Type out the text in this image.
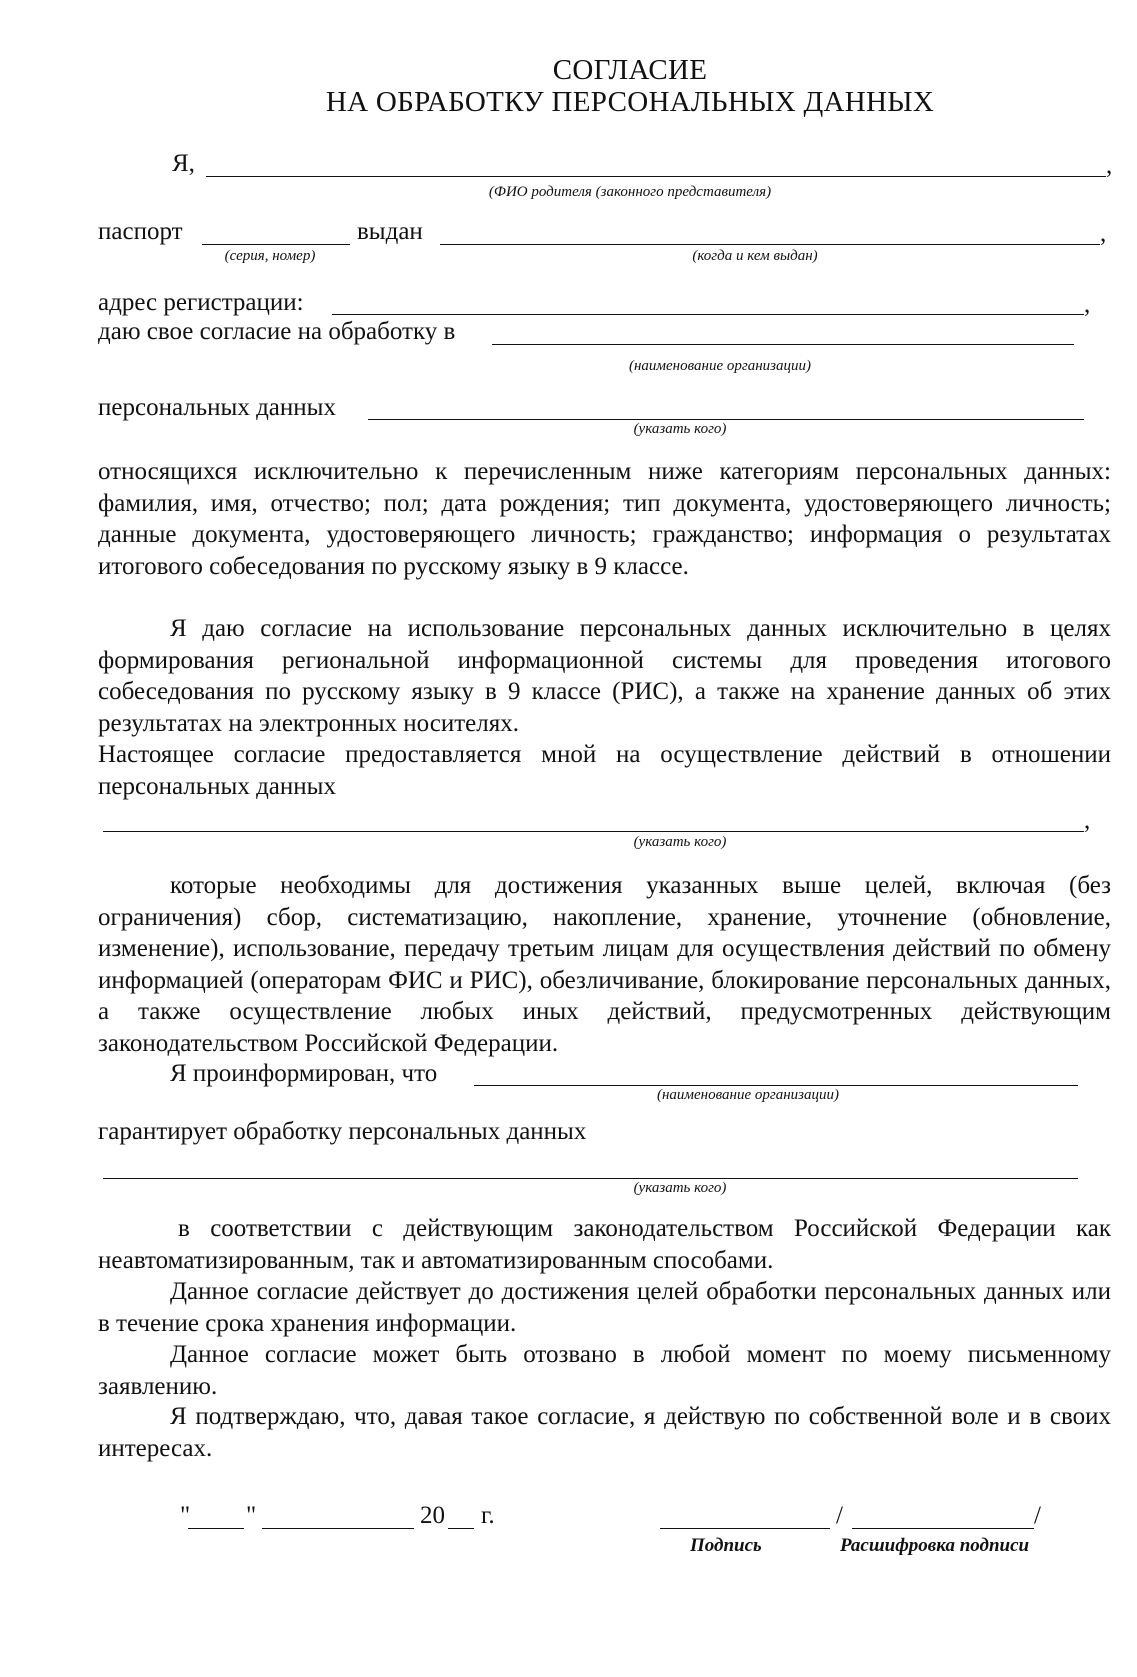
СОГЛАСИЕ
НА ОБРАБОТКУ ПЕРСОНАЛЬНЫХ ДАННЫХ
Я,	,
(ФИО родителя (законного представителя)
паспорт
(серия, номер)
выдан	,
(когда и кем выдан)
адрес регистрации:	,
даю свое согласие на обработку в
(наименование организации)
персональных данных
(указать кого)
относящихся исключительно к перечисленным ниже категориям персональных данных: фамилия, имя, отчество; пол; дата рождения; тип документа, удостоверяющего личность; данные документа, удостоверяющего личность; гражданство; информация о результатах итогового собеседования по русскому языку в 9 классе.
Я даю согласие на использование персональных данных исключительно в целях формирования региональной информационной системы для проведения итогового собеседования по русскому языку в 9 классе (РИС), а также на хранение данных об этих результатах на электронных носителях.
Настоящее согласие предоставляется мной на осуществление действий в отношении персональных данных
,
(указать кого)
которые необходимы для достижения указанных выше целей, включая (без ограничения) сбор, систематизацию, накопление, хранение, уточнение (обновление, изменение), использование, передачу третьим лицам для осуществления действий по обмену информацией (операторам ФИС и РИС), обезличивание, блокирование персональных данных, а также осуществление любых иных действий, предусмотренных действующим законодательством Российской Федерации.
Я проинформирован, что
(наименование организации)
гарантирует обработку персональных данных
(указать кого)
в соответствии с действующим законодательством Российской Федерации как неавтоматизированным, так и автоматизированным способами.
Данное согласие действует до достижения целей обработки персональных данных или в течение срока хранения информации.
Данное согласие может быть отозвано в любой момент по моему письменному заявлению.
Я подтверждаю, что, давая такое согласие, я действую по собственной воле и в своих интересах.
" "	20 г.	/	/
Подпись	Расшифровка подписи
